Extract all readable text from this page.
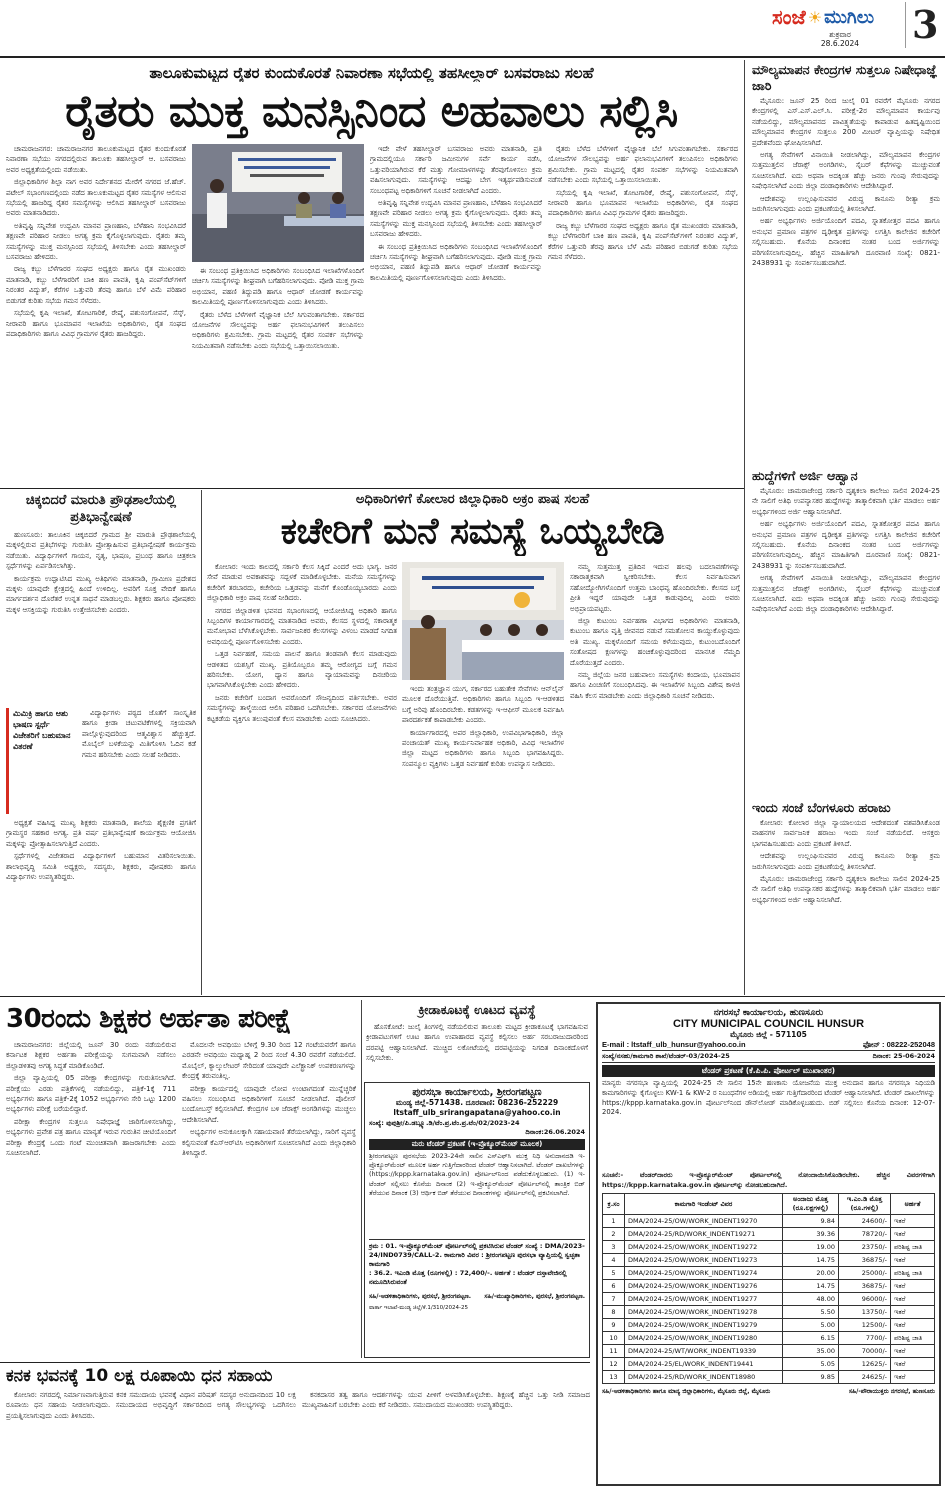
ಸಂಜೆ ☀ ಮುಗಿಲು
ಶುಕ್ರವಾರ
28.6.2024	3
ತಾಲೂಕುಮಟ್ಟದ ರೈತರ ಕುಂದುಕೊರತೆ ನಿವಾರಣಾ ಸಭೆಯಲ್ಲಿ ತಹಸೀಲ್ದಾರ್ ಬಸವರಾಜು ಸಲಹೆ
ರೈತರು ಮುಕ್ತ ಮನಸ್ಸಿನಿಂದ ಅಹವಾಲು ಸಲ್ಲಿಸಿ

ಚಾಮರಾಜನಗರ: ಚಾಮರಾಜನಗರ ತಾಲೂಕುಮಟ್ಟದ ರೈತರ ಕುಂದುಕೊರತೆ ನಿವಾರಣಾ ಸಭೆಯು ನಗರದಲ್ಲಿರುವ ತಾಲೂಕು ತಹಸೀಲ್ದಾರ್ ಆ. ಬಸವರಾಜು ಅವರ ಅಧ್ಯಕ್ಷತೆಯಲ್ಲಿಂದು ನಡೆಯಿತು.

ಜಿಲ್ಲಾಧಿಕಾರಿಗಳ ಶಿಲ್ಪಾ ನಾಗ ಅವರ ನಿರ್ದೇಶನದ ಮೇರೆಗೆ ನಗರದ ಜೆ.ಹೆಚ್. ಪಟೇಲ್ ಸಭಾಂಗಣದಲ್ಲಿಂದು ನಡೆದ ತಾಲೂಕುಮಟ್ಟದ ರೈತರ ಸಮಸ್ಯೆಗಳ ಆಲಿಸುವ ಸಭೆಯಲ್ಲಿ ಹಾಜರಿದ್ದ ರೈತರ ಸಮಸ್ಯೆಗಳನ್ನು ಆಲಿಸಿದ ತಹಸೀಲ್ದಾರ್ ಬಸವರಾಜು ಅವರು ಮಾತನಾಡಿದರು.

ಅತಿವೃಷ್ಟಿ ಸನ್ನಿವೇಶ ಉದ್ಭವಿಸಿ ಮಾನವ ಪ್ರಾಣಹಾನಿ, ಬೆಳೆಹಾನಿ ಸಂಭವಿಸಿದರೆ ತಕ್ಷಣವೇ ಪರಿಹಾರ ನೀಡಲು ಅಗತ್ಯ ಕ್ರಮ ಕೈಗೊಳ್ಳಲಾಗುವುದು. ರೈತರು ತಮ್ಮ ಸಮಸ್ಯೆಗಳನ್ನು ಮುಕ್ತ ಮನಸ್ಸಿನಿಂದ ಸಭೆಯಲ್ಲಿ ತಿಳಿಸಬೇಕು ಎಂದು ತಹಸೀಲ್ದಾರ್ ಬಸವರಾಜು ಹೇಳಿದರು.

ರಾಜ್ಯ ಕಬ್ಬು ಬೆಳೆಗಾರರ ಸಂಘದ ಅಧ್ಯಕ್ಷರು ಹಾಗೂ ರೈತ ಮುಖಂಡರು ಮಾತನಾಡಿ, ಕಬ್ಬು ಬೆಳೆಗಾರರಿಗೆ ಬಾಕಿ ಹಣ ಪಾವತಿ, ಕೃಷಿ ಪಂಪ್‌ಸೆಟ್‌ಗಳಿಗೆ ನಿರಂತರ ವಿದ್ಯುತ್, ಕೆರೆಗಳ ಒತ್ತುವರಿ ತೆರವು ಹಾಗೂ ಬೆಳೆ ವಿಮೆ ಪರಿಹಾರ ಬಿಡುಗಡೆ ಕುರಿತು ಸಭೆಯ ಗಮನ ಸೆಳೆದರು.

ಸಭೆಯಲ್ಲಿ ಕೃಷಿ ಇಲಾಖೆ, ತೋಟಗಾರಿಕೆ, ರೇಷ್ಮೆ, ಪಶುಸಂಗೋಪನೆ, ಸೆಸ್ಕ್, ನೀರಾವರಿ ಹಾಗೂ ಭೂಮಾಪನ ಇಲಾಖೆಯ ಅಧಿಕಾರಿಗಳು, ರೈತ ಸಂಘದ ಪದಾಧಿಕಾರಿಗಳು ಹಾಗೂ ವಿವಿಧ ಗ್ರಾಮಗಳ ರೈತರು ಹಾಜರಿದ್ದರು.

ಈ ಸಂಬಂಧ ಪ್ರತಿಕ್ರಿಯಿಸಿದ ಅಧಿಕಾರಿಗಳು ಸಂಬಂಧಿಸಿದ ಇಲಾಖೆಗಳೊಂದಿಗೆ ಚರ್ಚಿಸಿ ಸಮಸ್ಯೆಗಳನ್ನು ಶೀಘ್ರವಾಗಿ ಬಗೆಹರಿಸಲಾಗುವುದು. ಪೋಡಿ ಮುಕ್ತ ಗ್ರಾಮ ಅಭಿಯಾನ, ಪಹಣಿ ತಿದ್ದುಪಡಿ ಹಾಗೂ ಆಧಾರ್ ಜೋಡಣೆ ಕಾರ್ಯವನ್ನು ಕಾಲಮಿತಿಯಲ್ಲಿ ಪೂರ್ಣಗೊಳಿಸಲಾಗುವುದು ಎಂದು ತಿಳಿಸಿದರು.

ರೈತರು ಬೆಳೆದ ಬೆಳೆಗಳಿಗೆ ವೈಜ್ಞಾನಿಕ ಬೆಲೆ ಸಿಗುವಂತಾಗಬೇಕು. ಸರ್ಕಾರದ ಯೋಜನೆಗಳ ಸೌಲಭ್ಯವನ್ನು ಅರ್ಹ ಫಲಾನುಭವಿಗಳಿಗೆ ತಲುಪಿಸಲು ಅಧಿಕಾರಿಗಳು ಶ್ರಮಿಸಬೇಕು. ಗ್ರಾಮ ಮಟ್ಟದಲ್ಲಿ ರೈತರ ಸಂಪರ್ಕ ಸಭೆಗಳನ್ನು ನಿಯಮಿತವಾಗಿ ನಡೆಸಬೇಕು ಎಂದು ಸಭೆಯಲ್ಲಿ ಒತ್ತಾಯಿಸಲಾಯಿತು.

ಇದೇ ವೇಳೆ ತಹಸೀಲ್ದಾರ್ ಬಸವರಾಜು ಅವರು ಮಾತನಾಡಿ, ಪ್ರತಿ ಗ್ರಾಮದಲ್ಲಿಯೂ ಸರ್ಕಾರಿ ಜಮೀನುಗಳ ಸರ್ವೆ ಕಾರ್ಯ ನಡೆಸಿ, ಒತ್ತುವರಿಯಾಗಿರುವ ಕೆರೆ ಮತ್ತು ಗೋಮಾಳಗಳನ್ನು ತೆರವುಗೊಳಿಸಲು ಕ್ರಮ ವಹಿಸಲಾಗುವುದು. ಸಮಸ್ಯೆಗಳನ್ನು ಆದಷ್ಟು ಬೇಗ ಇತ್ಯರ್ಥಪಡಿಸುವಂತೆ ಸಂಬಂಧಪಟ್ಟ ಅಧಿಕಾರಿಗಳಿಗೆ ಸೂಚನೆ ನೀಡಲಾಗಿದೆ ಎಂದರು.

ಅತಿವೃಷ್ಟಿ ಸನ್ನಿವೇಶ ಉದ್ಭವಿಸಿ ಮಾನವ ಪ್ರಾಣಹಾನಿ, ಬೆಳೆಹಾನಿ ಸಂಭವಿಸಿದರೆ ತಕ್ಷಣವೇ ಪರಿಹಾರ ನೀಡಲು ಅಗತ್ಯ ಕ್ರಮ ಕೈಗೊಳ್ಳಲಾಗುವುದು. ರೈತರು ತಮ್ಮ ಸಮಸ್ಯೆಗಳನ್ನು ಮುಕ್ತ ಮನಸ್ಸಿನಿಂದ ಸಭೆಯಲ್ಲಿ ತಿಳಿಸಬೇಕು ಎಂದು ತಹಸೀಲ್ದಾರ್ ಬಸವರಾಜು ಹೇಳಿದರು.

ಈ ಸಂಬಂಧ ಪ್ರತಿಕ್ರಿಯಿಸಿದ ಅಧಿಕಾರಿಗಳು ಸಂಬಂಧಿಸಿದ ಇಲಾಖೆಗಳೊಂದಿಗೆ ಚರ್ಚಿಸಿ ಸಮಸ್ಯೆಗಳನ್ನು ಶೀಘ್ರವಾಗಿ ಬಗೆಹರಿಸಲಾಗುವುದು. ಪೋಡಿ ಮುಕ್ತ ಗ್ರಾಮ ಅಭಿಯಾನ, ಪಹಣಿ ತಿದ್ದುಪಡಿ ಹಾಗೂ ಆಧಾರ್ ಜೋಡಣೆ ಕಾರ್ಯವನ್ನು ಕಾಲಮಿತಿಯಲ್ಲಿ ಪೂರ್ಣಗೊಳಿಸಲಾಗುವುದು ಎಂದು ತಿಳಿಸಿದರು.

ರೈತರು ಬೆಳೆದ ಬೆಳೆಗಳಿಗೆ ವೈಜ್ಞಾನಿಕ ಬೆಲೆ ಸಿಗುವಂತಾಗಬೇಕು. ಸರ್ಕಾರದ ಯೋಜನೆಗಳ ಸೌಲಭ್ಯವನ್ನು ಅರ್ಹ ಫಲಾನುಭವಿಗಳಿಗೆ ತಲುಪಿಸಲು ಅಧಿಕಾರಿಗಳು ಶ್ರಮಿಸಬೇಕು. ಗ್ರಾಮ ಮಟ್ಟದಲ್ಲಿ ರೈತರ ಸಂಪರ್ಕ ಸಭೆಗಳನ್ನು ನಿಯಮಿತವಾಗಿ ನಡೆಸಬೇಕು ಎಂದು ಸಭೆಯಲ್ಲಿ ಒತ್ತಾಯಿಸಲಾಯಿತು.

ಸಭೆಯಲ್ಲಿ ಕೃಷಿ ಇಲಾಖೆ, ತೋಟಗಾರಿಕೆ, ರೇಷ್ಮೆ, ಪಶುಸಂಗೋಪನೆ, ಸೆಸ್ಕ್, ನೀರಾವರಿ ಹಾಗೂ ಭೂಮಾಪನ ಇಲಾಖೆಯ ಅಧಿಕಾರಿಗಳು, ರೈತ ಸಂಘದ ಪದಾಧಿಕಾರಿಗಳು ಹಾಗೂ ವಿವಿಧ ಗ್ರಾಮಗಳ ರೈತರು ಹಾಜರಿದ್ದರು.

ರಾಜ್ಯ ಕಬ್ಬು ಬೆಳೆಗಾರರ ಸಂಘದ ಅಧ್ಯಕ್ಷರು ಹಾಗೂ ರೈತ ಮುಖಂಡರು ಮಾತನಾಡಿ, ಕಬ್ಬು ಬೆಳೆಗಾರರಿಗೆ ಬಾಕಿ ಹಣ ಪಾವತಿ, ಕೃಷಿ ಪಂಪ್‌ಸೆಟ್‌ಗಳಿಗೆ ನಿರಂತರ ವಿದ್ಯುತ್, ಕೆರೆಗಳ ಒತ್ತುವರಿ ತೆರವು ಹಾಗೂ ಬೆಳೆ ವಿಮೆ ಪರಿಹಾರ ಬಿಡುಗಡೆ ಕುರಿತು ಸಭೆಯ ಗಮನ ಸೆಳೆದರು.

ಮೌಲ್ಯಮಾಪನ ಕೇಂದ್ರಗಳ ಸುತ್ತಲೂ ನಿಷೇಧಾಜ್ಞೆ ಜಾರಿ

ಮೈಸೂರು: ಜೂನ್ 25 ರಿಂದ ಜುಲೈ 01 ರವರೆಗೆ ಮೈಸೂರು ನಗರದ ಕೇಂದ್ರಗಳಲ್ಲಿ ಎಸ್.ಎಸ್.ಎಲ್.ಸಿ. ಪರೀಕ್ಷೆ-2ರ ಮೌಲ್ಯಮಾಪನ ಕಾರ್ಯವು ನಡೆಯಲಿದ್ದು, ಮೌಲ್ಯಮಾಪನದ ಪಾವಿತ್ರ್ಯತೆಯನ್ನು ಕಾಪಾಡುವ ಹಿತದೃಷ್ಟಿಯಿಂದ ಮೌಲ್ಯಮಾಪನ ಕೇಂದ್ರಗಳ ಸುತ್ತಲೂ 200 ಮೀಟರ್ ವ್ಯಾಪ್ತಿಯನ್ನು ನಿಷೇಧಿತ ಪ್ರದೇಶವೆಂದು ಘೋಷಿಸಲಾಗಿದೆ.

ಅಗತ್ಯ ಸೇವೆಗಳಿಗೆ ವಿನಾಯಿತಿ ನೀಡಲಾಗಿದ್ದು, ಮೌಲ್ಯಮಾಪನ ಕೇಂದ್ರಗಳ ಸುತ್ತಮುತ್ತಲಿನ ಜೆರಾಕ್ಸ್ ಅಂಗಡಿಗಳು, ಸೈಬರ್ ಕೆಫೆಗಳನ್ನು ಮುಚ್ಚುವಂತೆ ಸೂಚಿಸಲಾಗಿದೆ. ಐದು ಅಥವಾ ಅದಕ್ಕಿಂತ ಹೆಚ್ಚು ಜನರು ಗುಂಪು ಸೇರುವುದನ್ನು ನಿಷೇಧಿಸಲಾಗಿದೆ ಎಂದು ಜಿಲ್ಲಾ ದಂಡಾಧಿಕಾರಿಗಳು ಆದೇಶಿಸಿದ್ದಾರೆ.

ಆದೇಶವನ್ನು ಉಲ್ಲಂಘಿಸುವವರ ವಿರುದ್ಧ ಕಾನೂನು ರೀತ್ಯಾ ಕ್ರಮ ಜರುಗಿಸಲಾಗುವುದು ಎಂದು ಪ್ರಕಟಣೆಯಲ್ಲಿ ತಿಳಿಸಲಾಗಿದೆ.

ಅರ್ಹ ಅಭ್ಯರ್ಥಿಗಳು ಅರ್ಜಿಯೊಂದಿಗೆ ಪದವಿ, ಸ್ನಾತಕೋತ್ತರ ಪದವಿ ಹಾಗೂ ಅನುಭವ ಪ್ರಮಾಣ ಪತ್ರಗಳ ದೃಢೀಕೃತ ಪ್ರತಿಗಳನ್ನು ಲಗತ್ತಿಸಿ ಕಾಲೇಜಿನ ಕಚೇರಿಗೆ ಸಲ್ಲಿಸಬಹುದು. ಕೊನೆಯ ದಿನಾಂಕದ ನಂತರ ಬಂದ ಅರ್ಜಿಗಳನ್ನು ಪರಿಗಣಿಸಲಾಗುವುದಿಲ್ಲ. ಹೆಚ್ಚಿನ ಮಾಹಿತಿಗಾಗಿ ದೂರವಾಣಿ ಸಂಖ್ಯೆ: 0821-2438931 ನ್ನು ಸಂಪರ್ಕಿಸಬಹುದಾಗಿದೆ.

ಹುದ್ದೆಗಳಿಗೆ ಅರ್ಜಿ ಆಹ್ವಾನ

ಮೈಸೂರು: ಚಾಮರಾಜೇಂದ್ರ ಸರ್ಕಾರಿ ದೃಶ್ಯಕಲಾ ಕಾಲೇಜು ಸಾಲಿನ 2024-25 ನೇ ಸಾಲಿಗೆ ಅತಿಥಿ ಉಪನ್ಯಾಸಕರ ಹುದ್ದೆಗಳನ್ನು ತಾತ್ಕಾಲಿಕವಾಗಿ ಭರ್ತಿ ಮಾಡಲು ಅರ್ಹ ಅಭ್ಯರ್ಥಿಗಳಿಂದ ಅರ್ಜಿ ಆಹ್ವಾನಿಸಲಾಗಿದೆ.

ಅರ್ಹ ಅಭ್ಯರ್ಥಿಗಳು ಅರ್ಜಿಯೊಂದಿಗೆ ಪದವಿ, ಸ್ನಾತಕೋತ್ತರ ಪದವಿ ಹಾಗೂ ಅನುಭವ ಪ್ರಮಾಣ ಪತ್ರಗಳ ದೃಢೀಕೃತ ಪ್ರತಿಗಳನ್ನು ಲಗತ್ತಿಸಿ ಕಾಲೇಜಿನ ಕಚೇರಿಗೆ ಸಲ್ಲಿಸಬಹುದು. ಕೊನೆಯ ದಿನಾಂಕದ ನಂತರ ಬಂದ ಅರ್ಜಿಗಳನ್ನು ಪರಿಗಣಿಸಲಾಗುವುದಿಲ್ಲ. ಹೆಚ್ಚಿನ ಮಾಹಿತಿಗಾಗಿ ದೂರವಾಣಿ ಸಂಖ್ಯೆ: 0821-2438931 ನ್ನು ಸಂಪರ್ಕಿಸಬಹುದಾಗಿದೆ.

ಅಗತ್ಯ ಸೇವೆಗಳಿಗೆ ವಿನಾಯಿತಿ ನೀಡಲಾಗಿದ್ದು, ಮೌಲ್ಯಮಾಪನ ಕೇಂದ್ರಗಳ ಸುತ್ತಮುತ್ತಲಿನ ಜೆರಾಕ್ಸ್ ಅಂಗಡಿಗಳು, ಸೈಬರ್ ಕೆಫೆಗಳನ್ನು ಮುಚ್ಚುವಂತೆ ಸೂಚಿಸಲಾಗಿದೆ. ಐದು ಅಥವಾ ಅದಕ್ಕಿಂತ ಹೆಚ್ಚು ಜನರು ಗುಂಪು ಸೇರುವುದನ್ನು ನಿಷೇಧಿಸಲಾಗಿದೆ ಎಂದು ಜಿಲ್ಲಾ ದಂಡಾಧಿಕಾರಿಗಳು ಆದೇಶಿಸಿದ್ದಾರೆ.

ಇಂದು ಸಂಜೆ ಬೆಂಗಳೂರು ಹರಾಜು

ಕೋಲಾರ: ಕೋಲಾರ ಜಿಲ್ಲಾ ನ್ಯಾಯಾಲಯದ ಆದೇಶದಂತೆ ವಶಪಡಿಸಿಕೊಂಡ ವಾಹನಗಳ ಸಾರ್ವಜನಿಕ ಹರಾಜು ಇಂದು ಸಂಜೆ ನಡೆಯಲಿದೆ. ಆಸಕ್ತರು ಭಾಗವಹಿಸಬಹುದು ಎಂದು ಪ್ರಕಟಣೆ ತಿಳಿಸಿದೆ.

ಆದೇಶವನ್ನು ಉಲ್ಲಂಘಿಸುವವರ ವಿರುದ್ಧ ಕಾನೂನು ರೀತ್ಯಾ ಕ್ರಮ ಜರುಗಿಸಲಾಗುವುದು ಎಂದು ಪ್ರಕಟಣೆಯಲ್ಲಿ ತಿಳಿಸಲಾಗಿದೆ.

ಮೈಸೂರು: ಚಾಮರಾಜೇಂದ್ರ ಸರ್ಕಾರಿ ದೃಶ್ಯಕಲಾ ಕಾಲೇಜು ಸಾಲಿನ 2024-25 ನೇ ಸಾಲಿಗೆ ಅತಿಥಿ ಉಪನ್ಯಾಸಕರ ಹುದ್ದೆಗಳನ್ನು ತಾತ್ಕಾಲಿಕವಾಗಿ ಭರ್ತಿ ಮಾಡಲು ಅರ್ಹ ಅಭ್ಯರ್ಥಿಗಳಿಂದ ಅರ್ಜಿ ಆಹ್ವಾನಿಸಲಾಗಿದೆ.

ಚಿಕ್ಕಬಿದರೆ ಮಾರುತಿ ಪ್ರೌಢಶಾಲೆಯಲ್ಲಿ ಪ್ರತಿಭಾನ್ವೇಷಣೆ

ಹುಣಸೂರು: ತಾಲೂಕಿನ ಚಿಕ್ಕಬಿದರೆ ಗ್ರಾಮದ ಶ್ರೀ ಮಾರುತಿ ಪ್ರೌಢಶಾಲೆಯಲ್ಲಿ ಮಕ್ಕಳಲ್ಲಿರುವ ಪ್ರತಿಭೆಗಳನ್ನು ಗುರುತಿಸಿ ಪ್ರೋತ್ಸಾಹಿಸುವ ಪ್ರತಿಭಾನ್ವೇಷಣೆ ಕಾರ್ಯಕ್ರಮ ನಡೆಯಿತು. ವಿದ್ಯಾರ್ಥಿಗಳಿಗೆ ಗಾಯನ, ನೃತ್ಯ, ಭಾಷಣ, ಪ್ರಬಂಧ ಹಾಗೂ ಚಿತ್ರಕಲಾ ಸ್ಪರ್ಧೆಗಳನ್ನು ಏರ್ಪಡಿಸಲಾಗಿತ್ತು.

ಕಾರ್ಯಕ್ರಮ ಉದ್ಘಾಟಿಸಿದ ಮುಖ್ಯ ಅತಿಥಿಗಳು ಮಾತನಾಡಿ, ಗ್ರಾಮೀಣ ಪ್ರದೇಶದ ಮಕ್ಕಳು ಯಾವುದೇ ಕ್ಷೇತ್ರದಲ್ಲಿ ಹಿಂದೆ ಉಳಿದಿಲ್ಲ. ಅವರಿಗೆ ಸೂಕ್ತ ವೇದಿಕೆ ಹಾಗೂ ಮಾರ್ಗದರ್ಶನ ದೊರೆತರೆ ಉನ್ನತ ಸಾಧನೆ ಮಾಡಬಲ್ಲರು. ಶಿಕ್ಷಕರು ಹಾಗೂ ಪೋಷಕರು ಮಕ್ಕಳ ಆಸಕ್ತಿಯನ್ನು ಗುರುತಿಸಿ ಉತ್ತೇಜಿಸಬೇಕು ಎಂದರು.

ಮಿಮಿಕ್ರಿ ಹಾಗೂ ಆಶು ಭಾಷಣ ಸ್ಪರ್ಧೆ ವಿಜೇತರಿಗೆ ಬಹುಮಾನ ವಿತರಣೆ

ವಿದ್ಯಾರ್ಥಿಗಳು ಪಠ್ಯದ ಜೊತೆಗೆ ಸಾಂಸ್ಕೃತಿಕ ಹಾಗೂ ಕ್ರೀಡಾ ಚಟುವಟಿಕೆಗಳಲ್ಲಿ ಸಕ್ರಿಯವಾಗಿ ಪಾಲ್ಗೊಳ್ಳುವುದರಿಂದ ಆತ್ಮವಿಶ್ವಾಸ ಹೆಚ್ಚುತ್ತದೆ. ಮೊಬೈಲ್ ಬಳಕೆಯನ್ನು ಮಿತಿಗೊಳಿಸಿ ಓದಿನ ಕಡೆ ಗಮನ ಹರಿಸಬೇಕು ಎಂದು ಸಲಹೆ ನೀಡಿದರು.

ಅಧ್ಯಕ್ಷತೆ ವಹಿಸಿದ್ದ ಮುಖ್ಯ ಶಿಕ್ಷಕರು ಮಾತನಾಡಿ, ಶಾಲೆಯ ಶೈಕ್ಷಣಿಕ ಪ್ರಗತಿಗೆ ಗ್ರಾಮಸ್ಥರ ಸಹಕಾರ ಅಗತ್ಯ. ಪ್ರತಿ ವರ್ಷ ಪ್ರತಿಭಾನ್ವೇಷಣೆ ಕಾರ್ಯಕ್ರಮ ಆಯೋಜಿಸಿ ಮಕ್ಕಳನ್ನು ಪ್ರೋತ್ಸಾಹಿಸಲಾಗುತ್ತಿದೆ ಎಂದರು.

ಸ್ಪರ್ಧೆಗಳಲ್ಲಿ ವಿಜೇತರಾದ ವಿದ್ಯಾರ್ಥಿಗಳಿಗೆ ಬಹುಮಾನ ವಿತರಿಸಲಾಯಿತು. ಶಾಲಾಭಿವೃದ್ಧಿ ಸಮಿತಿ ಅಧ್ಯಕ್ಷರು, ಸದಸ್ಯರು, ಶಿಕ್ಷಕರು, ಪೋಷಕರು ಹಾಗೂ ವಿದ್ಯಾರ್ಥಿಗಳು ಉಪಸ್ಥಿತರಿದ್ದರು.

ಅಧಿಕಾರಿಗಳಿಗೆ ಕೋಲಾರ ಜಿಲ್ಲಾಧಿಕಾರಿ ಅಕ್ರಂ ಪಾಷ ಸಲಹೆ
ಕಚೇರಿಗೆ ಮನೆ ಸಮಸ್ಯೆ ಒಯ್ಯಬೇಡಿ

ಕೋಲಾರ: ಇಂದು ಕಾಲದಲ್ಲಿ ಸರ್ಕಾರಿ ಕೆಲಸ ಸಿಕ್ಕಿದೆ ಎಂದರೆ ಅದು ಭಾಗ್ಯ. ಜನರ ಸೇವೆ ಮಾಡುವ ಅವಕಾಶವನ್ನು ಸದ್ಬಳಕೆ ಮಾಡಿಕೊಳ್ಳಬೇಕು. ಮನೆಯ ಸಮಸ್ಯೆಗಳನ್ನು ಕಚೇರಿಗೆ ತರಬಾರದು, ಕಚೇರಿಯ ಒತ್ತಡವನ್ನು ಮನೆಗೆ ಕೊಂಡೊಯ್ಯಬಾರದು ಎಂದು ಜಿಲ್ಲಾಧಿಕಾರಿ ಅಕ್ರಂ ಪಾಷ ಸಲಹೆ ನೀಡಿದರು.

ನಗರದ ಜಿಲ್ಲಾಡಳಿತ ಭವನದ ಸಭಾಂಗಣದಲ್ಲಿ ಆಯೋಜಿಸಿದ್ದ ಅಧಿಕಾರಿ ಹಾಗೂ ಸಿಬ್ಬಂದಿಗಳ ಕಾರ್ಯಾಗಾರದಲ್ಲಿ ಮಾತನಾಡಿದ ಅವರು, ಕೆಲಸದ ಸ್ಥಳದಲ್ಲಿ ಸಕಾರಾತ್ಮಕ ಮನೋಭಾವ ಬೆಳೆಸಿಕೊಳ್ಳಬೇಕು. ಸಾರ್ವಜನಿಕರ ಕೆಲಸಗಳನ್ನು ವಿಳಂಬ ಮಾಡದೆ ನಿಗದಿತ ಅವಧಿಯಲ್ಲಿ ಪೂರ್ಣಗೊಳಿಸಬೇಕು ಎಂದರು.

ಒತ್ತಡ ನಿರ್ವಹಣೆ, ಸಮಯ ಪಾಲನೆ ಹಾಗೂ ತಂಡವಾಗಿ ಕೆಲಸ ಮಾಡುವುದು ಆಡಳಿತದ ಯಶಸ್ಸಿಗೆ ಮುಖ್ಯ. ಪ್ರತಿಯೊಬ್ಬರೂ ತಮ್ಮ ಆರೋಗ್ಯದ ಬಗ್ಗೆ ಗಮನ ಹರಿಸಬೇಕು. ಯೋಗ, ಧ್ಯಾನ ಹಾಗೂ ವ್ಯಾಯಾಮವನ್ನು ದಿನಚರಿಯ ಭಾಗವಾಗಿಸಿಕೊಳ್ಳಬೇಕು ಎಂದು ಹೇಳಿದರು.

ಜನರು ಕಚೇರಿಗೆ ಬಂದಾಗ ಅವರೊಂದಿಗೆ ಸೌಜನ್ಯದಿಂದ ವರ್ತಿಸಬೇಕು. ಅವರ ಸಮಸ್ಯೆಗಳನ್ನು ತಾಳ್ಮೆಯಿಂದ ಆಲಿಸಿ ಪರಿಹಾರ ಒದಗಿಸಬೇಕು. ಸರ್ಕಾರದ ಯೋಜನೆಗಳು ಕಟ್ಟಕಡೆಯ ವ್ಯಕ್ತಿಗೂ ತಲುಪುವಂತೆ ಕೆಲಸ ಮಾಡಬೇಕು ಎಂದು ಸೂಚಿಸಿದರು.

ಇಂದು ತಂತ್ರಜ್ಞಾನ ಯುಗ, ಸರ್ಕಾರದ ಬಹುತೇಕ ಸೇವೆಗಳು ಆನ್‌ಲೈನ್ ಮೂಲಕ ದೊರೆಯುತ್ತಿವೆ. ಅಧಿಕಾರಿಗಳು ಹಾಗೂ ಸಿಬ್ಬಂದಿ ಇ-ಆಡಳಿತದ ಬಗ್ಗೆ ಅರಿವು ಹೊಂದಿರಬೇಕು. ಕಡತಗಳನ್ನು ಇ-ಆಫೀಸ್ ಮೂಲಕ ನಿರ್ವಹಿಸಿ ಪಾರದರ್ಶಕತೆ ಕಾಪಾಡಬೇಕು ಎಂದರು.

ಕಾರ್ಯಾಗಾರದಲ್ಲಿ ಅಪರ ಜಿಲ್ಲಾಧಿಕಾರಿ, ಉಪವಿಭಾಗಾಧಿಕಾರಿ, ಜಿಲ್ಲಾ ಪಂಚಾಯತ್ ಮುಖ್ಯ ಕಾರ್ಯನಿರ್ವಾಹಕ ಅಧಿಕಾರಿ, ವಿವಿಧ ಇಲಾಖೆಗಳ ಜಿಲ್ಲಾ ಮಟ್ಟದ ಅಧಿಕಾರಿಗಳು ಹಾಗೂ ಸಿಬ್ಬಂದಿ ಭಾಗವಹಿಸಿದ್ದರು. ಸಂಪನ್ಮೂಲ ವ್ಯಕ್ತಿಗಳು ಒತ್ತಡ ನಿರ್ವಹಣೆ ಕುರಿತು ಉಪನ್ಯಾಸ ನೀಡಿದರು.

ನಮ್ಮ ಸುತ್ತಮುತ್ತ ಪ್ರತಿದಿನ ಇದುವ ಹಲವು ಬದಲಾವಣೆಗಳನ್ನು ಸಕಾರಾತ್ಮಕವಾಗಿ ಸ್ವೀಕರಿಸಬೇಕು. ಕೆಲಸ ನಿರ್ವಹಿಸುವಾಗ ಸಹೋದ್ಯೋಗಿಗಳೊಂದಿಗೆ ಉತ್ತಮ ಬಾಂಧವ್ಯ ಹೊಂದಿರಬೇಕು. ಕೆಲಸದ ಬಗ್ಗೆ ಪ್ರೀತಿ ಇದ್ದರೆ ಯಾವುದೇ ಒತ್ತಡ ಕಾಡುವುದಿಲ್ಲ ಎಂದು ಅವರು ಅಭಿಪ್ರಾಯಪಟ್ಟರು.

ಜಿಲ್ಲಾ ಕುಟುಂಬ ನಿರ್ವಹಣಾ ವಿಭಾಗದ ಅಧಿಕಾರಿಗಳು ಮಾತನಾಡಿ, ಕುಟುಂಬ ಹಾಗೂ ವೃತ್ತಿ ಜೀವನದ ನಡುವೆ ಸಮತೋಲನ ಕಾಯ್ದುಕೊಳ್ಳುವುದು ಅತಿ ಮುಖ್ಯ. ಮಕ್ಕಳೊಂದಿಗೆ ಸಮಯ ಕಳೆಯುವುದು, ಕುಟುಂಬದೊಂದಿಗೆ ಸಂತೋಷದ ಕ್ಷಣಗಳನ್ನು ಹಂಚಿಕೊಳ್ಳುವುದರಿಂದ ಮಾನಸಿಕ ನೆಮ್ಮದಿ ದೊರೆಯುತ್ತದೆ ಎಂದರು.

ನಮ್ಮ ಜಿಲ್ಲೆಯ ಜನರ ಬಹುಪಾಲು ಸಮಸ್ಯೆಗಳು ಕಂದಾಯ, ಭೂಮಾಪನ ಹಾಗೂ ಪಿಂಚಣಿಗೆ ಸಂಬಂಧಿಸಿದವು. ಈ ಇಲಾಖೆಗಳ ಸಿಬ್ಬಂದಿ ವಿಶೇಷ ಕಾಳಜಿ ವಹಿಸಿ ಕೆಲಸ ಮಾಡಬೇಕು ಎಂದು ಜಿಲ್ಲಾಧಿಕಾರಿ ಸೂಚನೆ ನೀಡಿದರು.

30ರಂದು ಶಿಕ್ಷಕರ ಅರ್ಹತಾ ಪರೀಕ್ಷೆ

ಚಾಮರಾಜನಗರ: ಜಿಲ್ಲೆಯಲ್ಲಿ ಜೂನ್ 30 ರಂದು ನಡೆಯಲಿರುವ ಕರ್ನಾಟಕ ಶಿಕ್ಷಕರ ಅರ್ಹತಾ ಪರೀಕ್ಷೆಯನ್ನು ಸುಗಮವಾಗಿ ನಡೆಸಲು ಜಿಲ್ಲಾಡಳಿತವು ಅಗತ್ಯ ಸಿದ್ಧತೆ ಮಾಡಿಕೊಂಡಿದೆ.

ಜಿಲ್ಲಾ ವ್ಯಾಪ್ತಿಯಲ್ಲಿ 05 ಪರೀಕ್ಷಾ ಕೇಂದ್ರಗಳನ್ನು ಗುರುತಿಸಲಾಗಿದೆ. ಪರೀಕ್ಷೆಯು ಎರಡು ಪತ್ರಿಕೆಗಳಲ್ಲಿ ನಡೆಯಲಿದ್ದು, ಪತ್ರಿಕೆ-1ಕ್ಕೆ 711 ಅಭ್ಯರ್ಥಿಗಳು ಹಾಗೂ ಪತ್ರಿಕೆ-2ಕ್ಕೆ 1052 ಅಭ್ಯರ್ಥಿಗಳು ಸೇರಿ ಒಟ್ಟು 1200 ಅಭ್ಯರ್ಥಿಗಳು ಪರೀಕ್ಷೆ ಬರೆಯಲಿದ್ದಾರೆ.

ಪರೀಕ್ಷಾ ಕೇಂದ್ರಗಳ ಸುತ್ತಲೂ ನಿಷೇಧಾಜ್ಞೆ ಜಾರಿಗೊಳಿಸಲಾಗಿದ್ದು, ಅಭ್ಯರ್ಥಿಗಳು ಪ್ರವೇಶ ಪತ್ರ ಹಾಗೂ ಮಾನ್ಯತೆ ಇರುವ ಗುರುತಿನ ಚೀಟಿಯೊಂದಿಗೆ ಪರೀಕ್ಷಾ ಕೇಂದ್ರಕ್ಕೆ ಒಂದು ಗಂಟೆ ಮುಂಚಿತವಾಗಿ ಹಾಜರಾಗಬೇಕು ಎಂದು ಸೂಚಿಸಲಾಗಿದೆ.

ಮೊದಲನೇ ಅವಧಿಯು ಬೆಳಿಗ್ಗೆ 9.30 ರಿಂದ 12 ಗಂಟೆಯವರೆಗೆ ಹಾಗೂ ಎರಡನೇ ಅವಧಿಯು ಮಧ್ಯಾಹ್ನ 2 ರಿಂದ ಸಂಜೆ 4.30 ರವರೆಗೆ ನಡೆಯಲಿದೆ. ಮೊಬೈಲ್, ಕ್ಯಾಲ್ಕುಲೇಟರ್ ಸೇರಿದಂತೆ ಯಾವುದೇ ಎಲೆಕ್ಟ್ರಾನಿಕ್ ಉಪಕರಣಗಳನ್ನು ಕೇಂದ್ರಕ್ಕೆ ತರುವಂತಿಲ್ಲ.

ಪರೀಕ್ಷಾ ಕಾರ್ಯದಲ್ಲಿ ಯಾವುದೇ ಲೋಪ ಉಂಟಾಗದಂತೆ ಮುನ್ನೆಚ್ಚರಿಕೆ ವಹಿಸಲು ಸಂಬಂಧಿಸಿದ ಅಧಿಕಾರಿಗಳಿಗೆ ಸೂಚನೆ ನೀಡಲಾಗಿದೆ. ಪೊಲೀಸ್ ಬಂದೋಬಸ್ತ್ ಕಲ್ಪಿಸಲಾಗಿದೆ. ಕೇಂದ್ರಗಳ ಬಳಿ ಜೆರಾಕ್ಸ್ ಅಂಗಡಿಗಳನ್ನು ಮುಚ್ಚಲು ಆದೇಶಿಸಲಾಗಿದೆ.

ಅಭ್ಯರ್ಥಿಗಳ ಅನುಕೂಲಕ್ಕಾಗಿ ಸಹಾಯವಾಣಿ ತೆರೆಯಲಾಗಿದ್ದು, ಸಾರಿಗೆ ವ್ಯವಸ್ಥೆ ಕಲ್ಪಿಸುವಂತೆ ಕೆಎಸ್ಆರ್‌ಟಿಸಿ ಅಧಿಕಾರಿಗಳಿಗೆ ಸೂಚಿಸಲಾಗಿದೆ ಎಂದು ಜಿಲ್ಲಾಧಿಕಾರಿ ತಿಳಿಸಿದ್ದಾರೆ.

ಕನಕ ಭವನಕ್ಕೆ 10 ಲಕ್ಷ ರೂಪಾಯಿ ಧನ ಸಹಾಯ

ಕೋಲಾರ: ನಗರದಲ್ಲಿ ನಿರ್ಮಾಣವಾಗುತ್ತಿರುವ ಕನಕ ಸಮುದಾಯ ಭವನಕ್ಕೆ ವಿಧಾನ ಪರಿಷತ್ ಸದಸ್ಯರ ಅನುದಾನದಿಂದ 10 ಲಕ್ಷ ರೂಪಾಯಿ ಧನ ಸಹಾಯ ನೀಡಲಾಗುವುದು. ಸಮುದಾಯದ ಅಭಿವೃದ್ಧಿಗೆ ಸರ್ಕಾರದಿಂದ ಅಗತ್ಯ ಸೌಲಭ್ಯಗಳನ್ನು ಒದಗಿಸಲು ಪ್ರಯತ್ನಿಸಲಾಗುವುದು ಎಂದು ತಿಳಿಸಿದರು.

ಕನಕದಾಸರ ತತ್ವ ಹಾಗೂ ಆದರ್ಶಗಳನ್ನು ಯುವ ಪೀಳಿಗೆ ಅಳವಡಿಸಿಕೊಳ್ಳಬೇಕು. ಶಿಕ್ಷಣಕ್ಕೆ ಹೆಚ್ಚಿನ ಒತ್ತು ನೀಡಿ ಸಮಾಜದ ಮುಖ್ಯವಾಹಿನಿಗೆ ಬರಬೇಕು ಎಂದು ಕರೆ ನೀಡಿದರು. ಸಮುದಾಯದ ಮುಖಂಡರು ಉಪಸ್ಥಿತರಿದ್ದರು.

ಕ್ರೀಡಾಕೂಟಕ್ಕೆ ಊಟದ ವ್ಯವಸ್ಥೆ

ಹೊಸಕೋಟೆ: ಜುಲೈ ತಿಂಗಳಲ್ಲಿ ನಡೆಯಲಿರುವ ತಾಲೂಕು ಮಟ್ಟದ ಕ್ರೀಡಾಕೂಟಕ್ಕೆ ಭಾಗವಹಿಸುವ ಕ್ರೀಡಾಪಟುಗಳಿಗೆ ಊಟ ಹಾಗೂ ಉಪಾಹಾರದ ವ್ಯವಸ್ಥೆ ಕಲ್ಪಿಸಲು ಅರ್ಹ ಸರಬರಾಜುದಾರರಿಂದ ದರಪಟ್ಟಿ ಆಹ್ವಾನಿಸಲಾಗಿದೆ. ಮುಚ್ಚಿದ ಲಕೋಟೆಯಲ್ಲಿ ದರಪಟ್ಟಿಯನ್ನು ನಿಗದಿತ ದಿನಾಂಕದೊಳಗೆ ಸಲ್ಲಿಸಬೇಕು.

ಪುರಸಭಾ ಕಾರ್ಯಾಲಯ, ಶ್ರೀರಂಗಪಟ್ಟಣ
ಮಂಡ್ಯ ಜಿಲ್ಲೆ-571438. ದೂರವಾಣಿ: 08236-252229
ltstaff_ulb_srirangapatana@yahoo.co.in
ಸಂಖ್ಯೆ: ಪುಪುಶ್ರೀ/ಪಿ.ಡಬ್ಲ್ಯೂ.ಡಿ/ಟೆಂ.ಪ್ರ.ಟೆಂ.ಪ್ರ.ಟೆಂ/02/2023-24
ದಿನಾಂಕ:26.06.2024
ಮರು ಟೆಂಡರ್ ಪ್ರಕಟಣೆ (ಇ-ಪ್ರೊಕ್ಯೂರ್‌ಮೆಂಟ್ ಮೂಲಕ)
ಶ್ರೀರಂಗಪಟ್ಟಣ ಪುರಸಭೆಯ 2023-24ನೇ ಸಾಲಿನ ಎಸ್‌ಎಫ್‌ಸಿ ಮುಕ್ತ ನಿಧಿ ಅನುದಾನದಡಿ ಇ-ಪ್ರೊಕ್ಯೂರ್‌ಮೆಂಟ್ ಮೂಲಕ ಅರ್ಹ ಗುತ್ತಿಗೆದಾರರಿಂದ ಟೆಂಡರ್ ಆಹ್ವಾನಿಸಲಾಗಿದೆ. ಟೆಂಡರ್ ದಾಖಲೆಗಳನ್ನು (https://kppp.karnataka.gov.in) ಪೋರ್ಟಲ್‌ನಿಂದ ಪಡೆದುಕೊಳ್ಳಬಹುದು. (1) ಇ-ಟೆಂಡರ್ ಸಲ್ಲಿಸಲು ಕೊನೆಯ ದಿನಾಂಕ (2) ಇ-ಪ್ರೊಕ್ಯೂರ್‌ಮೆಂಟ್ ಪೋರ್ಟಲ್‌ನಲ್ಲಿ ತಾಂತ್ರಿಕ ಬಿಡ್ ತೆರೆಯುವ ದಿನಾಂಕ (3) ಆರ್ಥಿಕ ಬಿಡ್ ತೆರೆಯುವ ದಿನಾಂಕಗಳನ್ನು ಪೋರ್ಟಲ್‌ನಲ್ಲಿ ಪ್ರಕಟಿಸಲಾಗಿದೆ.
ಕ್ರಮ : 01. ಇ-ಪ್ರೊಕ್ಯೂರ್‌ಮೆಂಟ್ ಪೋರ್ಟಲ್‌ನಲ್ಲಿ ಪ್ರಕಟಿಸಿರುವ ಟೆಂಡರ್ ಸಂಖ್ಯೆ : DMA/2023-24/IND0739/CALL-2. ಕಾಮಗಾರಿ ವಿವರ : ಶ್ರೀರಂಗಪಟ್ಟಣ ಪುರಸಭಾ ವ್ಯಾಪ್ತಿಯಲ್ಲಿ ಸ್ವಚ್ಛತಾ ಕಾಮಗಾರಿ
: 36.2. ಇಎಂಡಿ ಮೊತ್ತ (ರೂಗಳಲ್ಲಿ) : 72,400/-. ಅರ್ಹತೆ : ಟೆಂಡರ್ ದಸ್ತಾವೇಜಿನಲ್ಲಿ ನಮೂದಿಸಿರುವಂತೆ
ಸಹಿ/-ಆಡಳಿತಾಧಿಕಾರಿಗಳು, ಪುರಸಭೆ, ಶ್ರೀರಂಗಪಟ್ಟಣ.	ಸಹಿ/-ಮುಖ್ಯಾಧಿಕಾರಿಗಳು, ಪುರಸಭೆ, ಶ್ರೀರಂಗಪಟ್ಟಣ.
ವಾರ್ತಾ ಇಲಾಖೆ-ಮಂಡ್ಯ ಜಿಲ್ಲೆ/ಕೆ.1/310/2024-25
ನಗರಸಭೆ ಕಾರ್ಯಾಲಯ, ಹುಣಸೂರು
CITY MUNICIPAL COUNCIL HUNSUR
ಮೈಸೂರು ಜಿಲ್ಲೆ - 571105
E-mail : ltstaff_ulb_hunsur@yahoo.co.in	ಫೋನ್ : 08222-252048
ಸಂಖ್ಯೆ/ನಸಹು/ಕಾಮಗಾರಿ ಶಾಖೆ/ಟೆಂಡರ್-03/2024-25	ದಿನಾಂಕ: 25-06-2024
ಟೆಂಡರ್ ಪ್ರಕಟಣೆ (ಕೆ.ಪಿ.ಪಿ. ಪೋರ್ಟಲ್ ಮುಖಾಂತರ)
ಮಾನ್ಯರು ನಗರಸಭಾ ವ್ಯಾಪ್ತಿಯಲ್ಲಿ 2024-25 ನೇ ಸಾಲಿನ 15ನೇ ಹಣಕಾಸು ಯೋಜನೆಯ ಮುಕ್ತ ಅನುದಾನ ಹಾಗೂ ನಗರಸಭಾ ನಿಧಿಯಡಿ ಕಾಮಗಾರಿಗಳನ್ನು ಕೈಗೊಳ್ಳಲು KW-1 & KW-2 ರ ನಿಬಂಧನೆಗಳ ಅಡಿಯಲ್ಲಿ ಅರ್ಹ ಗುತ್ತಿಗೆದಾರರಿಂದ ಟೆಂಡರ್ ಆಹ್ವಾನಿಸಲಾಗಿದೆ. ಟೆಂಡರ್ ದಾಖಲೆಗಳನ್ನು https://kppp.karnataka.gov.in ಪೋರ್ಟಲ್‌ನಿಂದ ಡೌನ್‌ಲೋಡ್ ಮಾಡಿಕೊಳ್ಳಬಹುದು. ಬಿಡ್ ಸಲ್ಲಿಸಲು ಕೊನೆಯ ದಿನಾಂಕ: 12-07-2024.
ಸೂಚನೆ:- ಟೆಂಡರ್‌ದಾರರು ಇ-ಪ್ರೊಕ್ಯೂರ್‌ಮೆಂಟ್ ಪೋರ್ಟಲ್‌ನಲ್ಲಿ ನೋಂದಾಯಿಸಿಕೊಂಡಿರಬೇಕು. ಹೆಚ್ಚಿನ ವಿವರಗಳಿಗಾಗಿ https://kppp.karnataka.gov.in ಪೋರ್ಟಲ್‌ನ್ನು ನೋಡಬಹುದಾಗಿದೆ.
ಕ್ರ.ಸಂ	ಕಾಮಗಾರಿ ಇಂಡೆಂಟ್ ವಿವರ	ಅಂದಾಜು ಮೊತ್ತ (ರೂ.ಲಕ್ಷಗಳಲ್ಲಿ)	ಇ.ಎಂ.ಡಿ ಮೊತ್ತ (ರೂ.ಗಳಲ್ಲಿ)	ಅರ್ಹತೆ
1	DMA/2024-25/OW/WORK_INDENT19270	9.84	24600/-	ಇತರೆ
2	DMA/2024-25/RD/WORK_INDENT19271	39.36	78720/-	ಇತರೆ
3	DMA/2024-25/OW/WORK_INDENT19272	19.00	23750/-	ಪರಿಶಿಷ್ಟ ಜಾತಿ
4	DMA/2024-25/OW/WORK_INDENT19273	14.75	36875/-	ಇತರೆ
5	DMA/2024-25/OW/WORK_INDENT19274	20.00	25000/-	ಪರಿಶಿಷ್ಟ ಜಾತಿ
6	DMA/2024-25/OW/WORK_INDENT19276	14.75	36875/-	ಇತರೆ
7	DMA/2024-25/OW/WORK_INDENT19277	48.00	96000/-	ಇತರೆ
8	DMA/2024-25/OW/WORK_INDENT19278	5.50	13750/-	ಇತರೆ
9	DMA/2024-25/OW/WORK_INDENT19279	5.00	12500/-	ಇತರೆ
10	DMA/2024-25/OW/WORK_INDENT19280	6.15	7700/-	ಪರಿಶಿಷ್ಟ ಜಾತಿ
11	DMA/2024-25/WT/WORK_INDENT19339	35.00	70000/-	ಇತರೆ
12	DMA/2024-25/EL/WORK_INDENT19441	5.05	12625/-	ಇತರೆ
13	DMA/2024-25/RD/WORK_INDENT18980	9.85	24625/-	ಇತರೆ
ಸಹಿ/-ಆಡಳಿತಾಧಿಕಾರಿಗಳು ಹಾಗೂ ಮಾನ್ಯ ಜಿಲ್ಲಾಧಿಕಾರಿಗಳು, ಮೈಸೂರು ಜಿಲ್ಲೆ, ಮೈಸೂರು	ಸಹಿ/-ಪೌರಾಯುಕ್ತರು ನಗರಸಭೆ, ಹುಣಸೂರು
